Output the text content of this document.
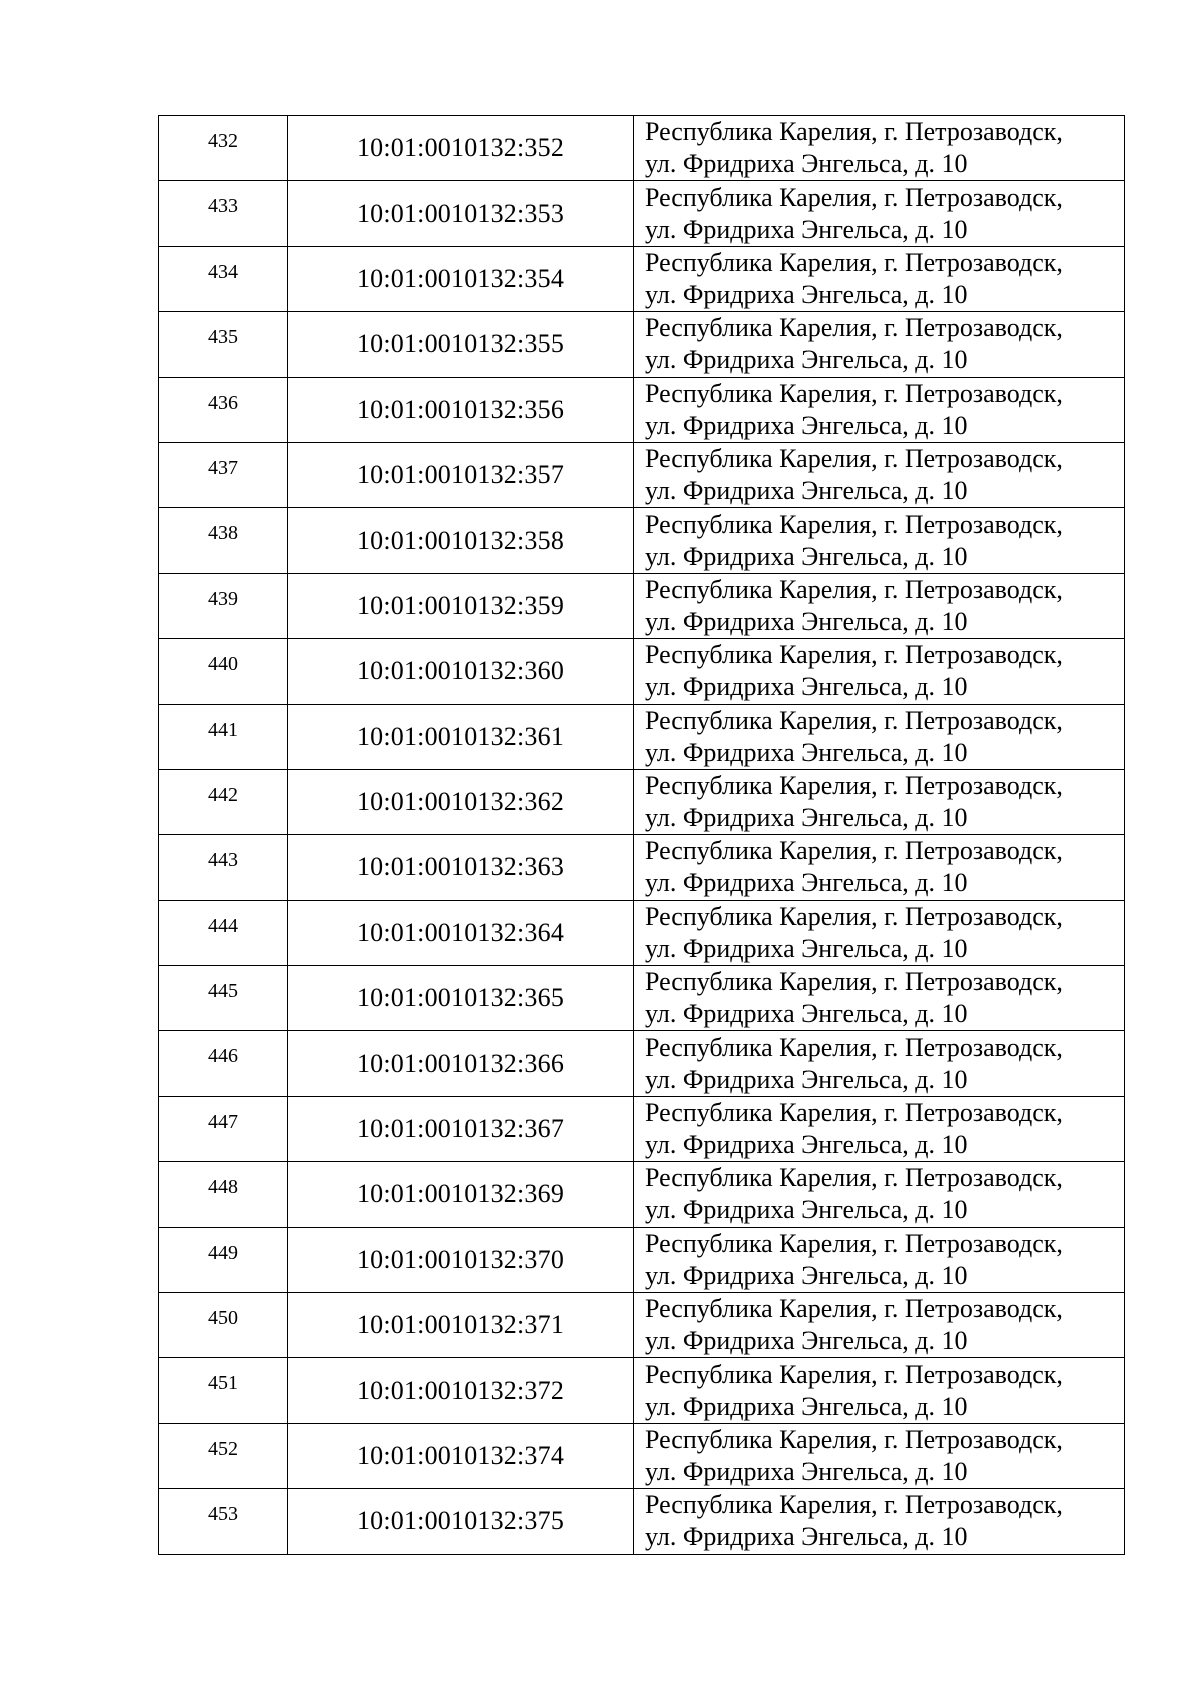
432	10:01:0010132:352	Республика Карелия, г. Петрозаводск,
ул. Фридриха Энгельса, д. 10

433	10:01:0010132:353	Республика Карелия, г. Петрозаводск,
ул. Фридриха Энгельса, д. 10

434	10:01:0010132:354	Республика Карелия, г. Петрозаводск,
ул. Фридриха Энгельса, д. 10

435	10:01:0010132:355	Республика Карелия, г. Петрозаводск,
ул. Фридриха Энгельса, д. 10

436	10:01:0010132:356	Республика Карелия, г. Петрозаводск,
ул. Фридриха Энгельса, д. 10

437	10:01:0010132:357	Республика Карелия, г. Петрозаводск,
ул. Фридриха Энгельса, д. 10

438	10:01:0010132:358	Республика Карелия, г. Петрозаводск,
ул. Фридриха Энгельса, д. 10

439	10:01:0010132:359	Республика Карелия, г. Петрозаводск,
ул. Фридриха Энгельса, д. 10

440	10:01:0010132:360	Республика Карелия, г. Петрозаводск,
ул. Фридриха Энгельса, д. 10

441	10:01:0010132:361	Республика Карелия, г. Петрозаводск,
ул. Фридриха Энгельса, д. 10

442	10:01:0010132:362	Республика Карелия, г. Петрозаводск,
ул. Фридриха Энгельса, д. 10

443	10:01:0010132:363	Республика Карелия, г. Петрозаводск,
ул. Фридриха Энгельса, д. 10

444	10:01:0010132:364	Республика Карелия, г. Петрозаводск,
ул. Фридриха Энгельса, д. 10

445	10:01:0010132:365	Республика Карелия, г. Петрозаводск,
ул. Фридриха Энгельса, д. 10

446	10:01:0010132:366	Республика Карелия, г. Петрозаводск,
ул. Фридриха Энгельса, д. 10

447	10:01:0010132:367	Республика Карелия, г. Петрозаводск,
ул. Фридриха Энгельса, д. 10

448	10:01:0010132:369	Республика Карелия, г. Петрозаводск,
ул. Фридриха Энгельса, д. 10

449	10:01:0010132:370	Республика Карелия, г. Петрозаводск,
ул. Фридриха Энгельса, д. 10

450	10:01:0010132:371	Республика Карелия, г. Петрозаводск,
ул. Фридриха Энгельса, д. 10

451	10:01:0010132:372	Республика Карелия, г. Петрозаводск,
ул. Фридриха Энгельса, д. 10

452	10:01:0010132:374	Республика Карелия, г. Петрозаводск,
ул. Фридриха Энгельса, д. 10

453	10:01:0010132:375	Республика Карелия, г. Петрозаводск,
ул. Фридриха Энгельса, д. 10
